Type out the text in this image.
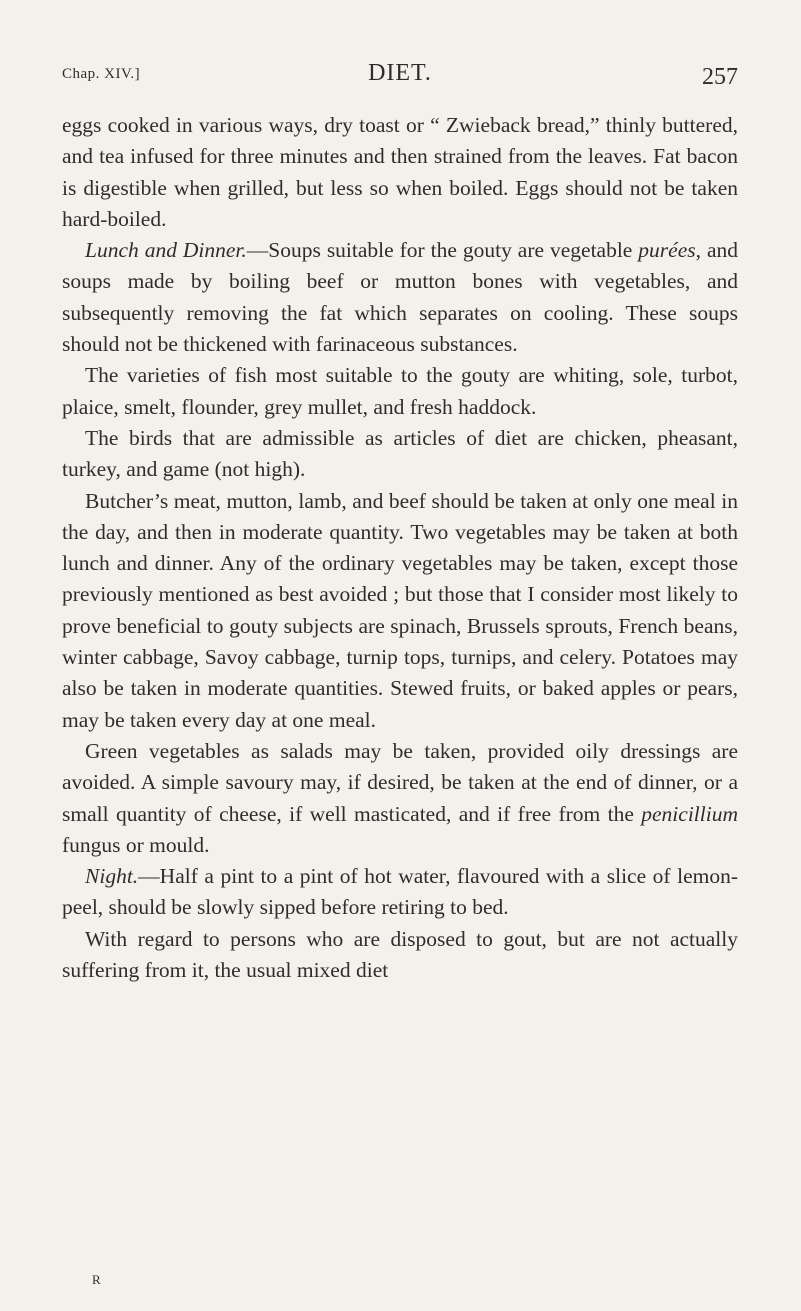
Chap. XIV.]	DIET.	257

eggs cooked in various ways, dry toast or “ Zwieback bread,” thinly buttered, and tea infused for three minutes and then strained from the leaves. Fat bacon is digestible when grilled, but less so when boiled. Eggs should not be taken hard-boiled.

Lunch and Dinner.—Soups suitable for the gouty are vegetable purées, and soups made by boiling beef or mutton bones with vegetables, and subsequently removing the fat which separates on cooling. These soups should not be thickened with farinaceous substances.

The varieties of fish most suitable to the gouty are whiting, sole, turbot, plaice, smelt, flounder, grey mullet, and fresh haddock.

The birds that are admissible as articles of diet are chicken, pheasant, turkey, and game (not high).

Butcher’s meat, mutton, lamb, and beef should be taken at only one meal in the day, and then in moderate quantity. Two vegetables may be taken at both lunch and dinner. Any of the ordinary vegetables may be taken, except those previously mentioned as best avoided ; but those that I consider most likely to prove beneficial to gouty subjects are spinach, Brussels sprouts, French beans, winter cabbage, Savoy cabbage, turnip tops, turnips, and celery. Potatoes may also be taken in moderate quantities. Stewed fruits, or baked apples or pears, may be taken every day at one meal.

Green vegetables as salads may be taken, provided oily dressings are avoided. A simple savoury may, if desired, be taken at the end of dinner, or a small quantity of cheese, if well masticated, and if free from the penicillium fungus or mould.

Night.—Half a pint to a pint of hot water, flavoured with a slice of lemon-peel, should be slowly sipped before retiring to bed.

With regard to persons who are disposed to gout, but are not actually suffering from it, the usual mixed diet

R
